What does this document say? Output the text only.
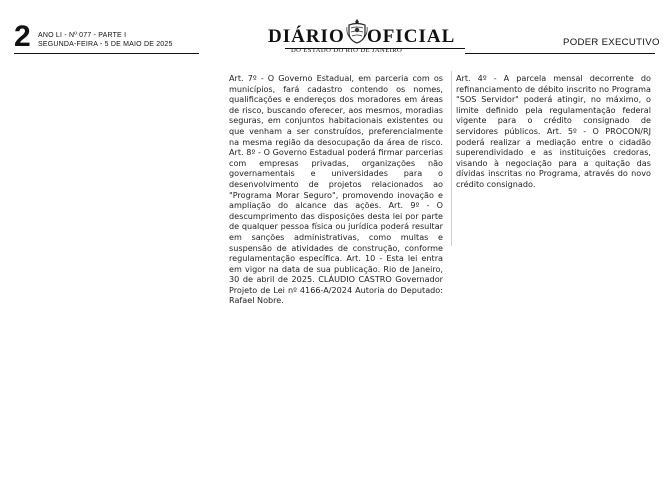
2 ANO LI - Nº 077 - PARTE I
SEGUNDA-FEIRA - 5 DE MAIO DE 2025	DIÁRIO OFICIAL
DO ESTADO DO RIO DE JANEIRO
PODER EXECUTIVO

Art. 7º - O Governo Estadual, em parceria com os municípios, fará cadastro contendo os nomes, qualificações e endereços dos moradores em áreas de risco, buscando oferecer, aos mesmos, moradias seguras, em conjuntos habitacionais existentes ou que venham a ser construídos, preferencialmente na mesma região da desocupação da área de risco. Art. 8º - O Governo Estadual poderá firmar parcerias com empresas privadas, organizações não governamentais e universidades para o desenvolvimento de projetos relacionados ao "Programa Morar Seguro", promovendo inovação e ampliação do alcance das ações. Art. 9º - O descumprimento das disposições desta lei por parte de qualquer pessoa física ou jurídica poderá resultar em sanções administrativas, como multas e suspensão de atividades de construção, conforme regulamentação específica. Art. 10 - Esta lei entra em vigor na data de sua publicação. Rio de Janeiro, 30 de abril de 2025. CLÁUDIO CASTRO Governador Projeto de Lei nº 4166-A/2024 Autoria do Deputado: Rafael Nobre.

Art. 4º - A parcela mensal decorrente do refinanciamento de débito inscrito no Programa "SOS Servidor" poderá atingir, no máximo, o limite definido pela regulamentação federal vigente para o crédito consignado de servidores públicos. Art. 5º - O PROCON/RJ poderá realizar a mediação entre o cidadão superendividado e as instituições credoras, visando à negociação para a quitação das dívidas inscritas no Programa, através do novo crédito consignado.
